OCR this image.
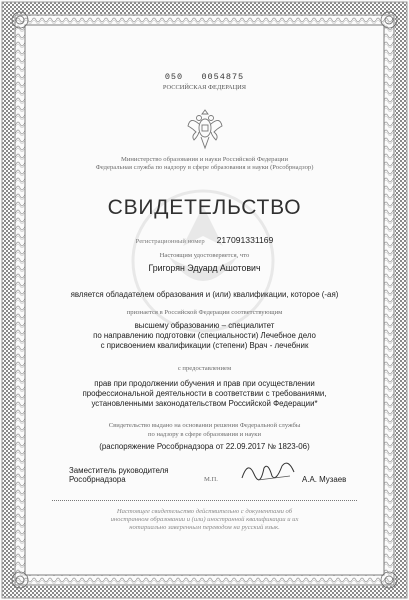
050 0054875
РОССИЙСКАЯ ФЕДЕРАЦИЯ
Министерство образования и науки Российской Федерации
Федеральная служба по надзору в сфере образования и науки (Рособрнадзор)
СВИДЕТЕЛЬСТВО
Регистрационный номер 217091331169
Настоящим удостоверяется, что
Григорян Эдуард Ашотович
является обладателем образования и (или) квалификации, которое (-ая)
признается в Российской Федерации соответствующим
высшему образованию – специалитет
по направлению подготовки (специальности) Лечебное дело
с присвоением квалификации (степени) Врач - лечебник
с предоставлением
прав при продолжении обучения и прав при осуществлении
профессиональной деятельности в соответствии с требованиями,
установленными законодательством Российской Федерации*
Свидетельство выдано на основании решения Федеральной службы
по надзору в сфере образования и науки
(распоряжение Рособрнадзора от 22.09.2017 № 1823-06)
Заместитель руководителя
Рособрнадзора	М.П.	А.А. Музаев
Настоящее свидетельство действительно с документами об
иностранном образовании и (или) иностранной квалификации и их
нотариально заверенным переводом на русский язык.
